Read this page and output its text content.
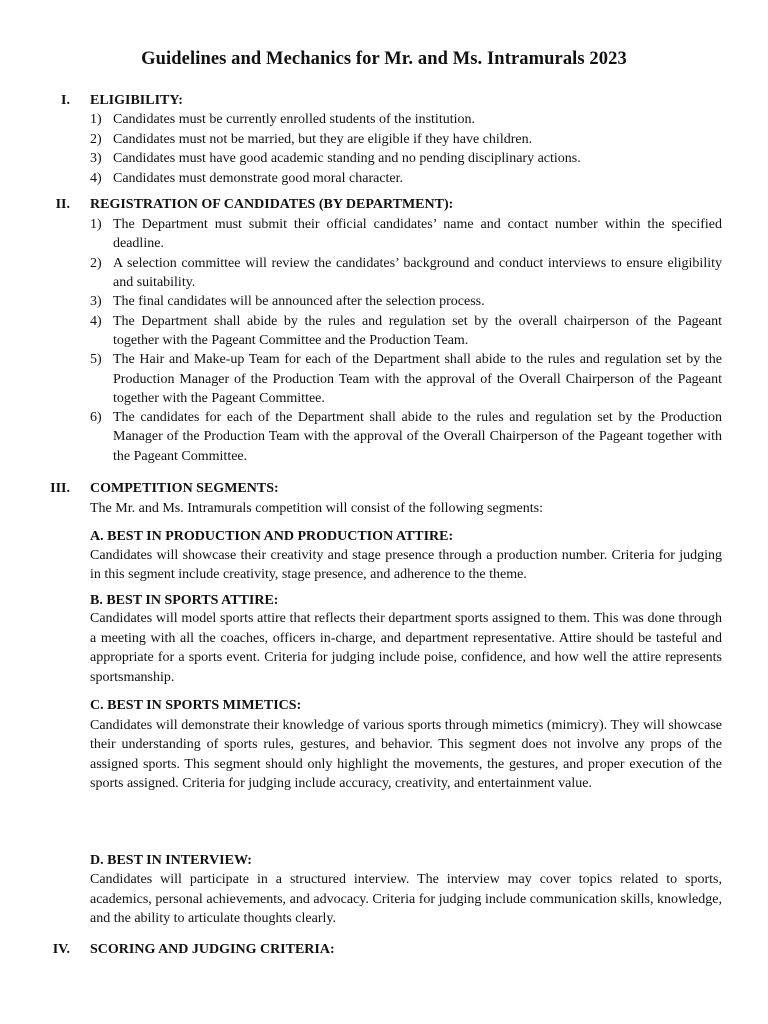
Guidelines and Mechanics for Mr. and Ms. Intramurals 2023
I. ELIGIBILITY:
1) Candidates must be currently enrolled students of the institution.
2) Candidates must not be married, but they are eligible if they have children.
3) Candidates must have good academic standing and no pending disciplinary actions.
4) Candidates must demonstrate good moral character.
II. REGISTRATION OF CANDIDATES (BY DEPARTMENT):
1) The Department must submit their official candidates’ name and contact number within the specified deadline.
2) A selection committee will review the candidates’ background and conduct interviews to ensure eligibility and suitability.
3) The final candidates will be announced after the selection process.
4) The Department shall abide by the rules and regulation set by the overall chairperson of the Pageant together with the Pageant Committee and the Production Team.
5) The Hair and Make-up Team for each of the Department shall abide to the rules and regulation set by the Production Manager of the Production Team with the approval of the Overall Chairperson of the Pageant together with the Pageant Committee.
6) The candidates for each of the Department shall abide to the rules and regulation set by the Production Manager of the Production Team with the approval of the Overall Chairperson of the Pageant together with the Pageant Committee.
III. COMPETITION SEGMENTS:
The Mr. and Ms. Intramurals competition will consist of the following segments:
A. BEST IN PRODUCTION AND PRODUCTION ATTIRE:
Candidates will showcase their creativity and stage presence through a production number. Criteria for judging in this segment include creativity, stage presence, and adherence to the theme.
B. BEST IN SPORTS ATTIRE:
Candidates will model sports attire that reflects their department sports assigned to them. This was done through a meeting with all the coaches, officers in-charge, and department representative. Attire should be tasteful and appropriate for a sports event. Criteria for judging include poise, confidence, and how well the attire represents sportsmanship.
C. BEST IN SPORTS MIMETICS:
Candidates will demonstrate their knowledge of various sports through mimetics (mimicry). They will showcase their understanding of sports rules, gestures, and behavior. This segment does not involve any props of the assigned sports. This segment should only highlight the movements, the gestures, and proper execution of the sports assigned. Criteria for judging include accuracy, creativity, and entertainment value.
D. BEST IN INTERVIEW:
Candidates will participate in a structured interview. The interview may cover topics related to sports, academics, personal achievements, and advocacy. Criteria for judging include communication skills, knowledge, and the ability to articulate thoughts clearly.
IV. SCORING AND JUDGING CRITERIA:
